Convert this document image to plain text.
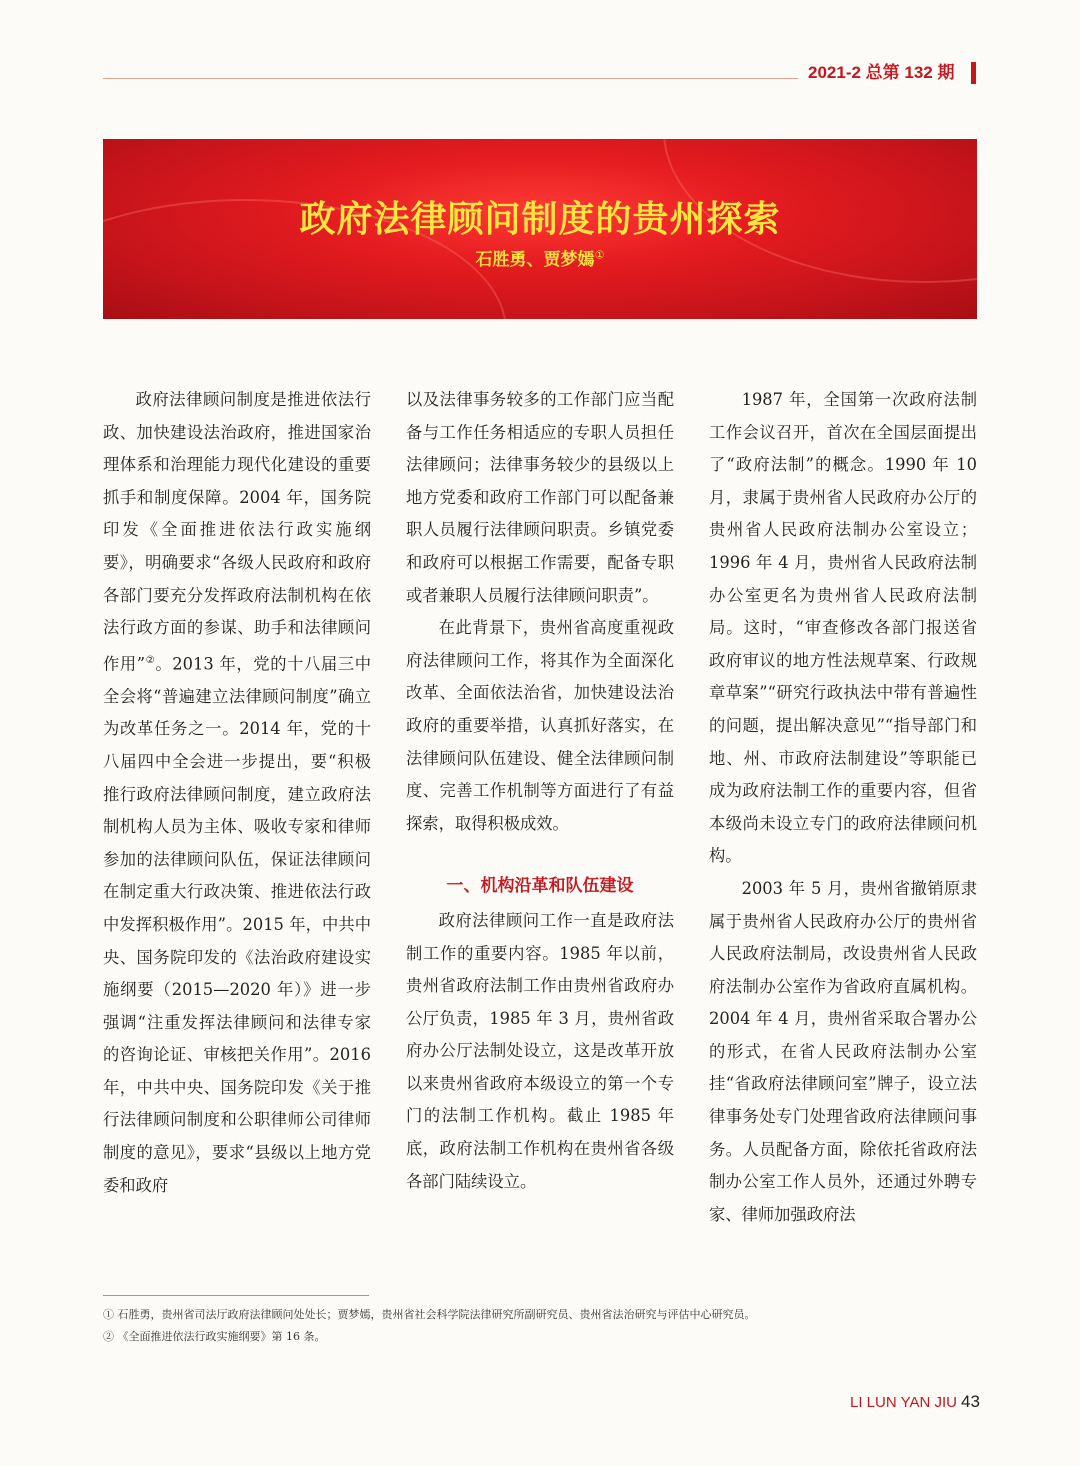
2021-2 总第 132 期
政府法律顾问制度的贵州探索
石胜勇、贾梦嫣①

政府法律顾问制度是推进依法行政、加快建设法治政府，推进国家治理体系和治理能力现代化建设的重要抓手和制度保障。2004 年，国务院印发《全面推进依法行政实施纲要》，明确要求“各级人民政府和政府各部门要充分发挥政府法制机构在依法行政方面的参谋、助手和法律顾问作用”②。2013 年，党的十八届三中全会将“普遍建立法律顾问制度”确立为改革任务之一。2014 年，党的十八届四中全会进一步提出，要“积极推行政府法律顾问制度，建立政府法制机构人员为主体、吸收专家和律师参加的法律顾问队伍，保证法律顾问在制定重大行政决策、推进依法行政中发挥积极作用”。2015 年，中共中央、国务院印发的《法治政府建设实施纲要（2015—2020 年）》进一步强调“注重发挥法律顾问和法律专家的咨询论证、审核把关作用”。2016 年，中共中央、国务院印发《关于推行法律顾问制度和公职律师公司律师制度的意见》，要求“县级以上地方党委和政府

以及法律事务较多的工作部门应当配备与工作任务相适应的专职人员担任法律顾问；法律事务较少的县级以上地方党委和政府工作部门可以配备兼职人员履行法律顾问职责。乡镇党委和政府可以根据工作需要，配备专职或者兼职人员履行法律顾问职责”。

在此背景下，贵州省高度重视政府法律顾问工作，将其作为全面深化改革、全面依法治省，加快建设法治政府的重要举措，认真抓好落实，在法律顾问队伍建设、健全法律顾问制度、完善工作机制等方面进行了有益探索，取得积极成效。

一、机构沿革和队伍建设

政府法律顾问工作一直是政府法制工作的重要内容。1985 年以前，贵州省政府法制工作由贵州省政府办公厅负责，1985 年 3 月，贵州省政府办公厅法制处设立，这是改革开放以来贵州省政府本级设立的第一个专门的法制工作机构。截止 1985 年底，政府法制工作机构在贵州省各级各部门陆续设立。

1987 年，全国第一次政府法制工作会议召开，首次在全国层面提出了“政府法制”的概念。1990 年 10 月，隶属于贵州省人民政府办公厅的贵州省人民政府法制办公室设立；1996 年 4 月，贵州省人民政府法制办公室更名为贵州省人民政府法制局。这时，“审查修改各部门报送省政府审议的地方性法规草案、行政规章草案”“研究行政执法中带有普遍性的问题，提出解决意见”“指导部门和地、州、市政府法制建设”等职能已成为政府法制工作的重要内容，但省本级尚未设立专门的政府法律顾问机构。

2003 年 5 月，贵州省撤销原隶属于贵州省人民政府办公厅的贵州省人民政府法制局，改设贵州省人民政府法制办公室作为省政府直属机构。2004 年 4 月，贵州省采取合署办公的形式，在省人民政府法制办公室挂“省政府法律顾问室”牌子，设立法律事务处专门处理省政府法律顾问事务。人员配备方面，除依托省政府法制办公室工作人员外，还通过外聘专家、律师加强政府法

① 石胜勇，贵州省司法厅政府法律顾问处处长；贾梦嫣，贵州省社会科学院法律研究所副研究员、贵州省法治研究与评估中心研究员。
② 《全面推进依法行政实施纲要》第 16 条。
LI LUN YAN JIU 43
